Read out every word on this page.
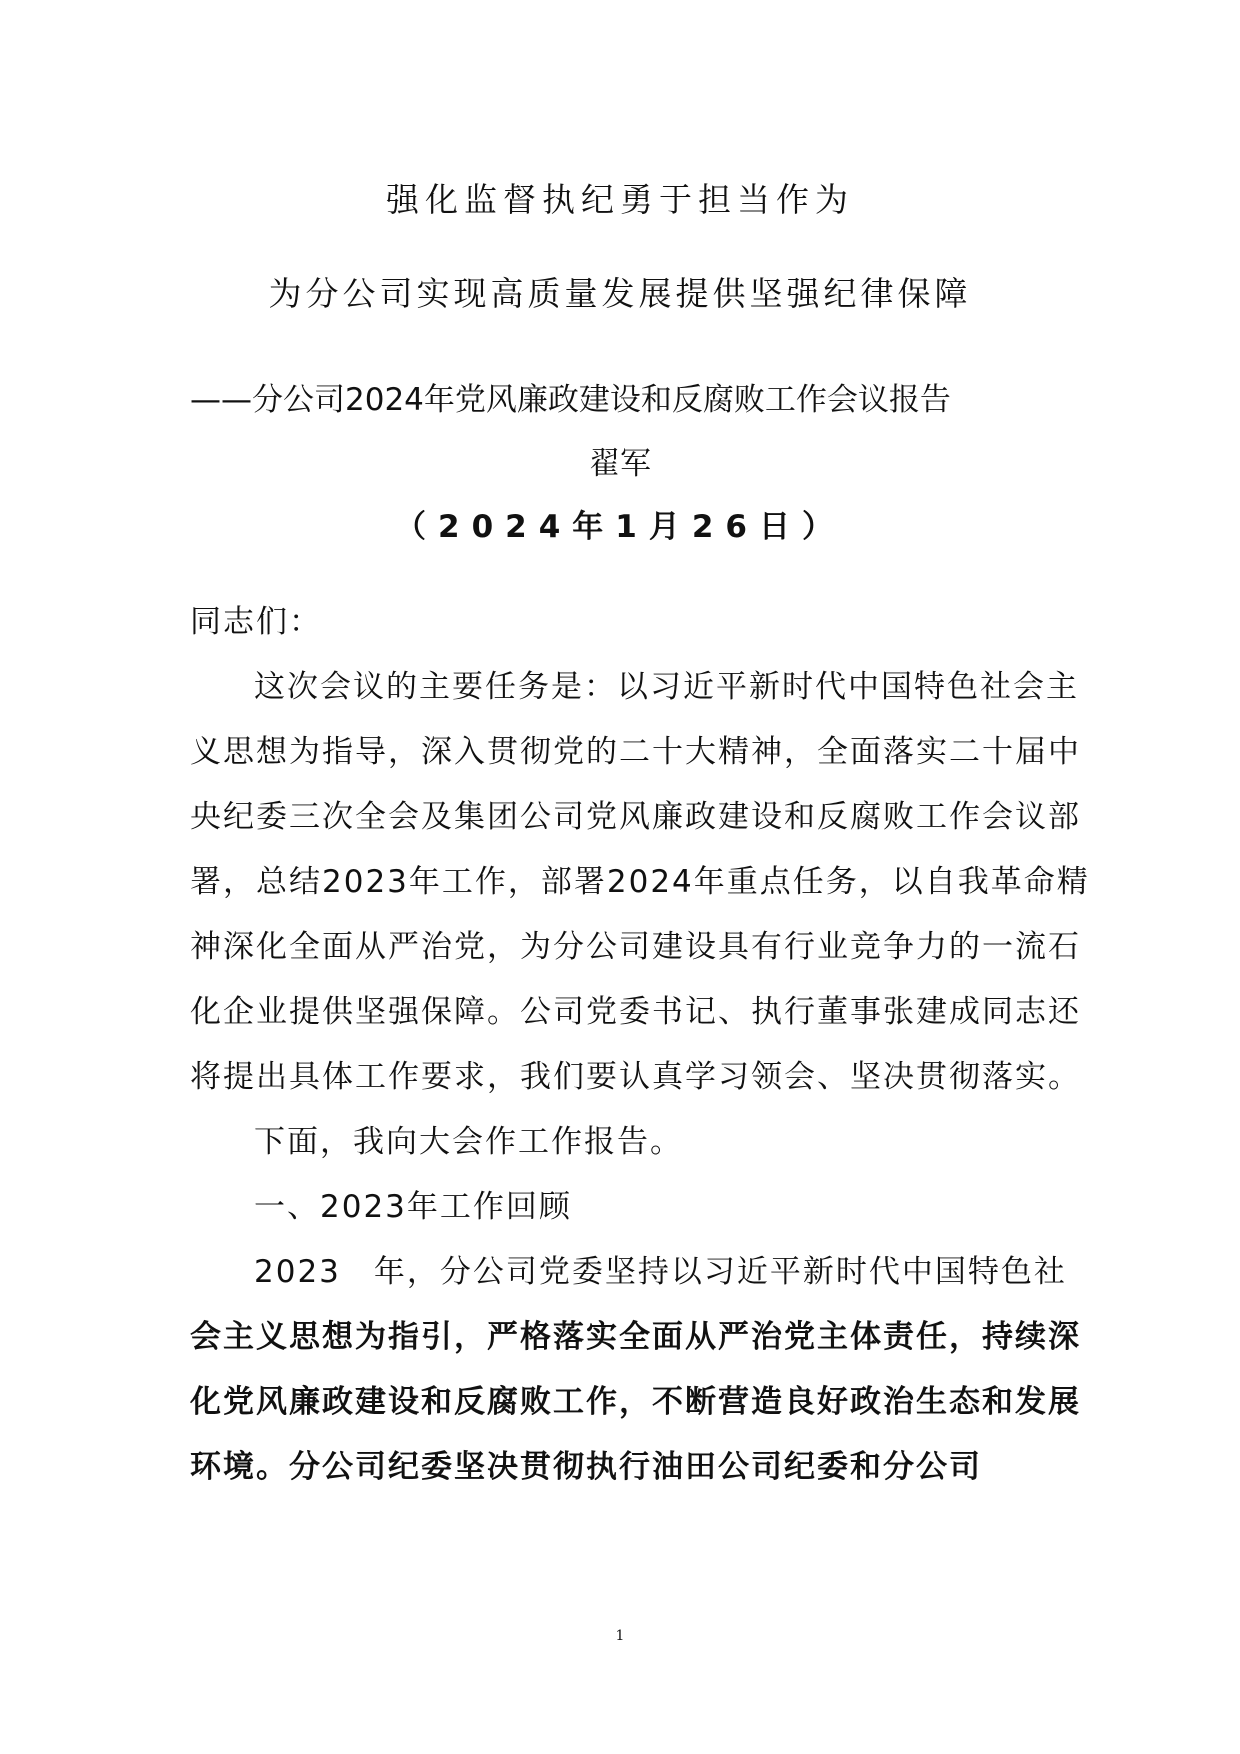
强化监督执纪勇于担当作为
为分公司实现高质量发展提供坚强纪律保障
——分公司2024年党风廉政建设和反腐败工作会议报告
翟军
（2024年1月26日）
同志们：
这次会议的主要任务是：以习近平新时代中国特色社会主义思想为指导，深入贯彻党的二十大精神，全面落实二十届中央纪委三次全会及集团公司党风廉政建设和反腐败工作会议部署，总结2023年工作，部署2024年重点任务，以自我革命精神深化全面从严治党，为分公司建设具有行业竞争力的一流石化企业提供坚强保障。公司党委书记、执行董事张建成同志还将提出具体工作要求，我们要认真学习领会、坚决贯彻落实。
下面，我向大会作工作报告。
一、2023年工作回顾
2023　年，分公司党委坚持以习近平新时代中国特色社
会主义思想为指引，严格落实全面从严治党主体责任，持续深化党风廉政建设和反腐败工作，不断营造良好政治生态和发展环境。分公司纪委坚决贯彻执行油田公司纪委和分公司
1
